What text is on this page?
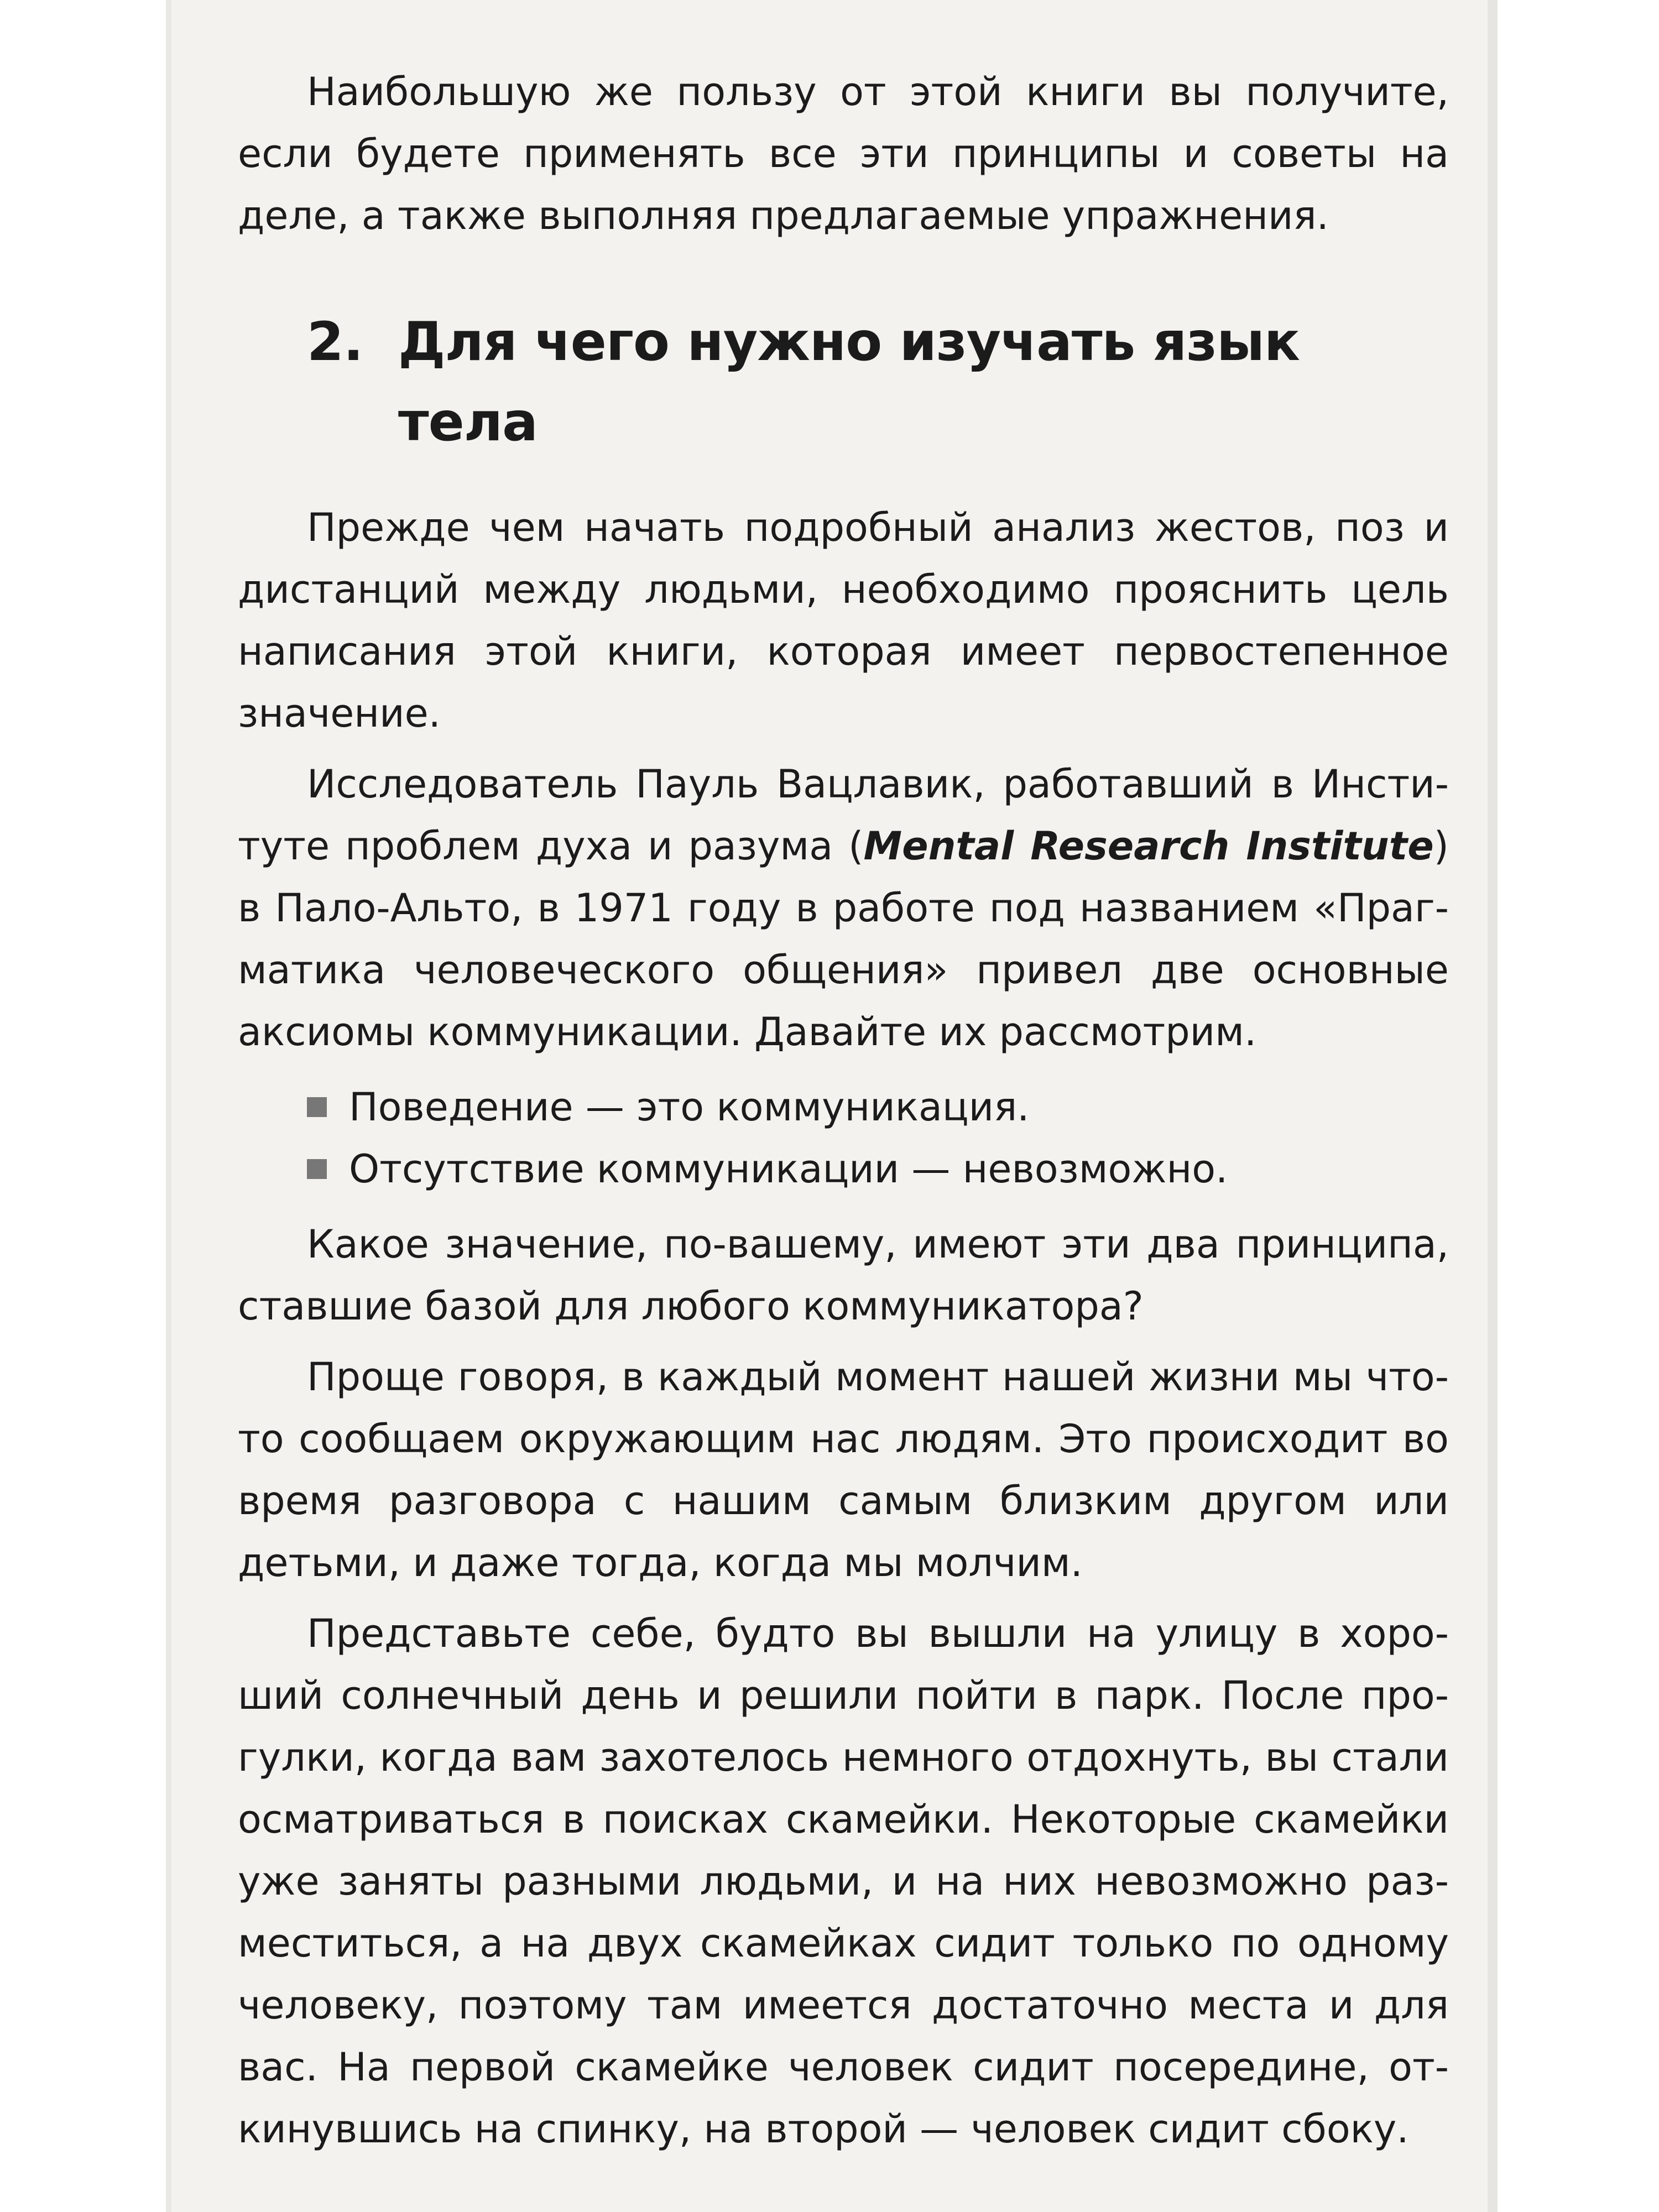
Наибольшую же пользу от этой книги вы получите, если будете применять все эти принципы и советы на деле, а также выполняя предлагаемые упражнения.

2. Для чего нужно изучать язык тела

Прежде чем начать подробный анализ жестов, поз и дистанций между людьми, необходимо прояснить цель написания этой книги, которая имеет первостепенное значение.

Исследователь Пауль Вацлавик, работавший в Институте проблем духа и разума (Mental Research Institute) в Пало-Альто, в 1971 году в работе под названием «Прагматика человеческого общения» привел две основные аксиомы коммуникации. Давайте их рассмотрим.

Поведение — это коммуникация.
Отсутствие коммуникации — невозможно.

Какое значение, по-вашему, имеют эти два принципа, ставшие базой для любого коммуникатора?

Проще говоря, в каждый момент нашей жизни мы что-то сообщаем окружающим нас людям. Это происходит во время разговора с нашим самым близким другом или детьми, и даже тогда, когда мы молчим.

Представьте себе, будто вы вышли на улицу в хороший солнечный день и решили пойти в парк. После прогулки, когда вам захотелось немного отдохнуть, вы стали осматриваться в поисках скамейки. Некоторые скамейки уже заняты разными людьми, и на них невозможно разместиться, а на двух скамейках сидит только по одному человеку, поэтому там имеется достаточно места и для вас. На первой скамейке человек сидит посередине, откинувшись на спинку, на второй — человек сидит сбоку.
